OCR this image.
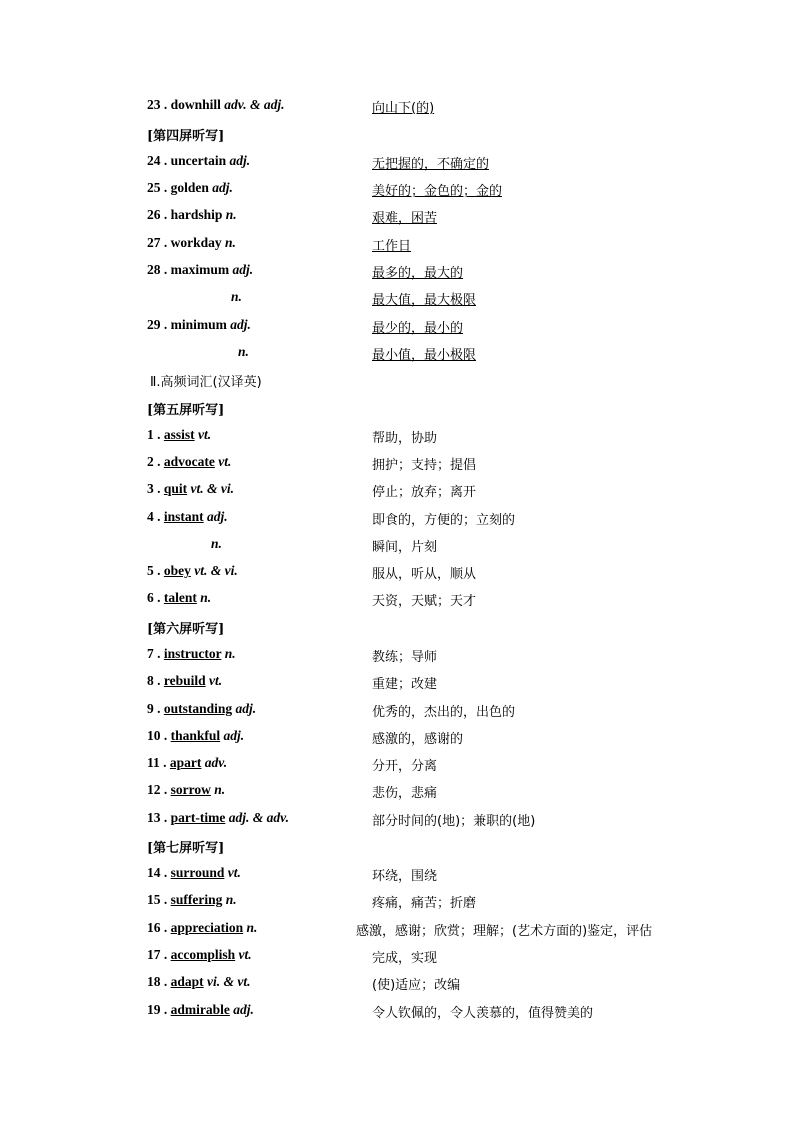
23 . downhill adv. & adj.	向山下(的)
[第四屏听写]
24 . uncertain adj.	无把握的，不确定的
25 . golden adj.	美好的；金色的；金的
26 . hardship n.	艰难，困苦
27 . workday n.	工作日
28 . maximum adj.	最多的，最大的
n.	最大值，最大极限
29 . minimum adj.	最少的，最小的
n.	最小值，最小极限
Ⅱ.高频词汇(汉译英)
[第五屏听写]
1 . assist vt.	帮助，协助
2 . advocate vt.	拥护；支持；提倡
3 . quit vt. & vi.	停止；放弃；离开
4 . instant adj.	即食的，方便的；立刻的
n.	瞬间，片刻
5 . obey vt. & vi.	服从，听从，顺从
6 . talent n.	天资，天赋；天才
[第六屏听写]
7 . instructor n.	教练；导师
8 . rebuild vt.	重建；改建
9 . outstanding adj.	优秀的，杰出的，出色的
10 . thankful adj.	感激的，感谢的
11 . apart adv.	分开，分离
12 . sorrow n.	悲伤，悲痛
13 . part-time adj. & adv.	部分时间的(地)；兼职的(地)
[第七屏听写]
14 . surround vt.	环绕，围绕
15 . suffering n.	疼痛，痛苦；折磨
16 . appreciation n.	感激，感谢；欣赏；理解；(艺术方面的)鉴定，评估
17 . accomplish vt.	完成，实现
18 . adapt vi. & vt.	(使)适应；改编
19 . admirable adj.	令人钦佩的，令人羡慕的，值得赞美的
